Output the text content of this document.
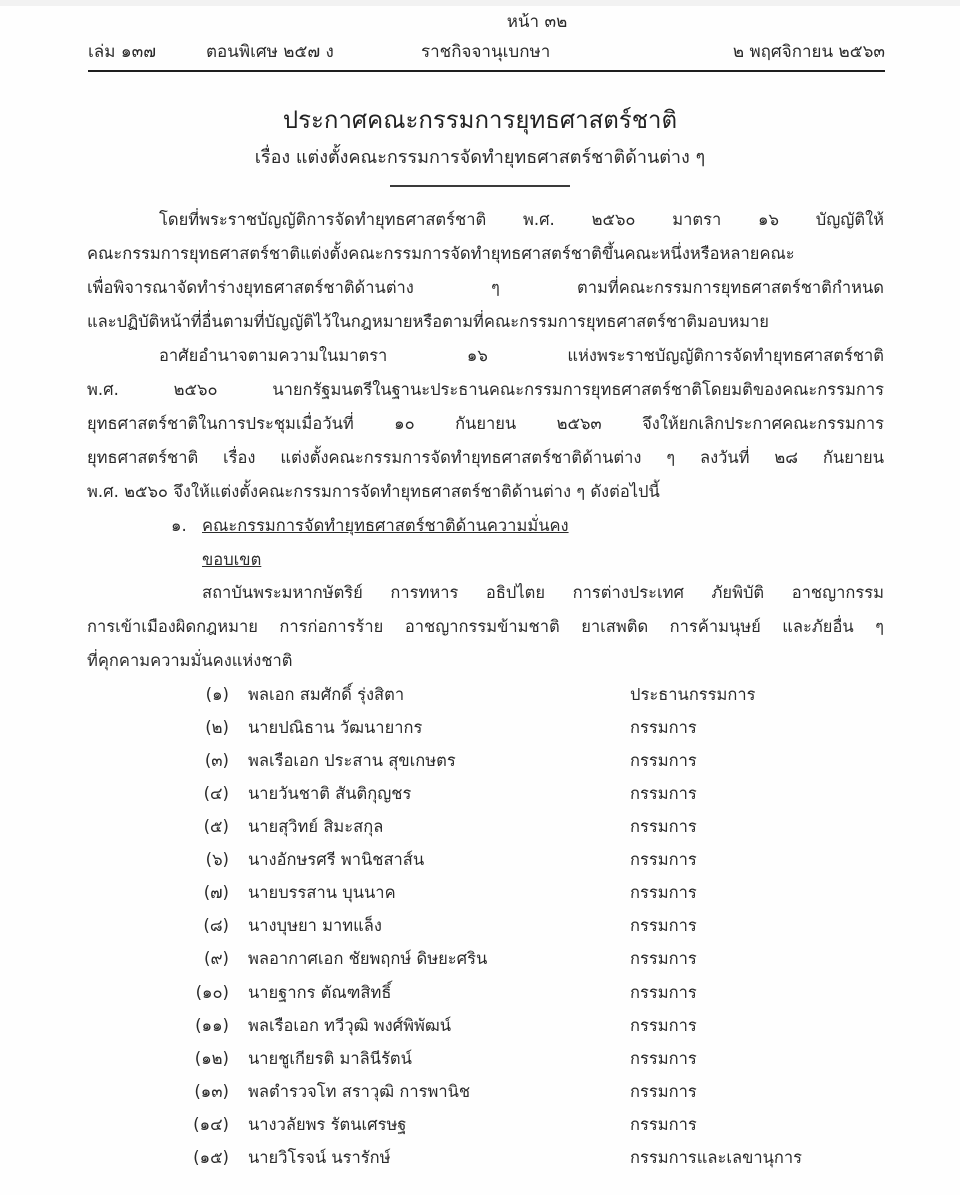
หน้า ๓๒
เล่ม ๑๓๗	ตอนพิเศษ ๒๕๗ ง	ราชกิจจานุเบกษา	๒ พฤศจิกายน ๒๕๖๓
ประกาศคณะกรรมการยุทธศาสตร์ชาติ
เรื่อง แต่งตั้งคณะกรรมการจัดทำยุทธศาสตร์ชาติด้านต่าง ๆ
โดยที่พระราชบัญญัติการจัดทำยุทธศาสตร์ชาติ พ.ศ. ๒๕๖๐ มาตรา ๑๖ บัญญัติให้
คณะกรรมการยุทธศาสตร์ชาติแต่งตั้งคณะกรรมการจัดทำยุทธศาสตร์ชาติขึ้นคณะหนึ่งหรือหลายคณะ
เพื่อพิจารณาจัดทำร่างยุทธศาสตร์ชาติด้านต่าง ๆ ตามที่คณะกรรมการยุทธศาสตร์ชาติกำหนด
และปฏิบัติหน้าที่อื่นตามที่บัญญัติไว้ในกฎหมายหรือตามที่คณะกรรมการยุทธศาสตร์ชาติมอบหมาย
อาศัยอำนาจตามความในมาตรา ๑๖ แห่งพระราชบัญญัติการจัดทำยุทธศาสตร์ชาติ
พ.ศ. ๒๕๖๐ นายกรัฐมนตรีในฐานะประธานคณะกรรมการยุทธศาสตร์ชาติโดยมติของคณะกรรมการ
ยุทธศาสตร์ชาติในการประชุมเมื่อวันที่ ๑๐ กันยายน ๒๕๖๓ จึงให้ยกเลิกประกาศคณะกรรมการ
ยุทธศาสตร์ชาติ เรื่อง แต่งตั้งคณะกรรมการจัดทำยุทธศาสตร์ชาติด้านต่าง ๆ ลงวันที่ ๒๘ กันยายน
พ.ศ. ๒๕๖๐ จึงให้แต่งตั้งคณะกรรมการจัดทำยุทธศาสตร์ชาติด้านต่าง ๆ ดังต่อไปนี้
๑. คณะกรรมการจัดทำยุทธศาสตร์ชาติด้านความมั่นคง
ขอบเขต
สถาบันพระมหากษัตริย์ การทหาร อธิปไตย การต่างประเทศ ภัยพิบัติ อาชญากรรม
การเข้าเมืองผิดกฎหมาย การก่อการร้าย อาชญากรรมข้ามชาติ ยาเสพติด การค้ามนุษย์ และภัยอื่น ๆ
ที่คุกคามความมั่นคงแห่งชาติ
(๑) พลเอก สมศักดิ์ รุ่งสิตา	ประธานกรรมการ
(๒) นายปณิธาน วัฒนายากร	กรรมการ
(๓) พลเรือเอก ประสาน สุขเกษตร	กรรมการ
(๔) นายวันชาติ สันติกุญชร	กรรมการ
(๕) นายสุวิทย์ สิมะสกุล	กรรมการ
(๖) นางอักษรศรี พานิชสาส์น	กรรมการ
(๗) นายบรรสาน บุนนาค	กรรมการ
(๘) นางบุษยา มาทแล็ง	กรรมการ
(๙) พลอากาศเอก ชัยพฤกษ์ ดิษยะศริน	กรรมการ
(๑๐) นายฐากร ตัณฑสิทธิ์	กรรมการ
(๑๑) พลเรือเอก ทวีวุฒิ พงศ์พิพัฒน์	กรรมการ
(๑๒) นายชูเกียรติ มาลินีรัตน์	กรรมการ
(๑๓) พลตำรวจโท สราวุฒิ การพานิช	กรรมการ
(๑๔) นางวลัยพร รัตนเศรษฐ	กรรมการ
(๑๕) นายวิโรจน์ นรารักษ์	กรรมการและเลขานุการ
